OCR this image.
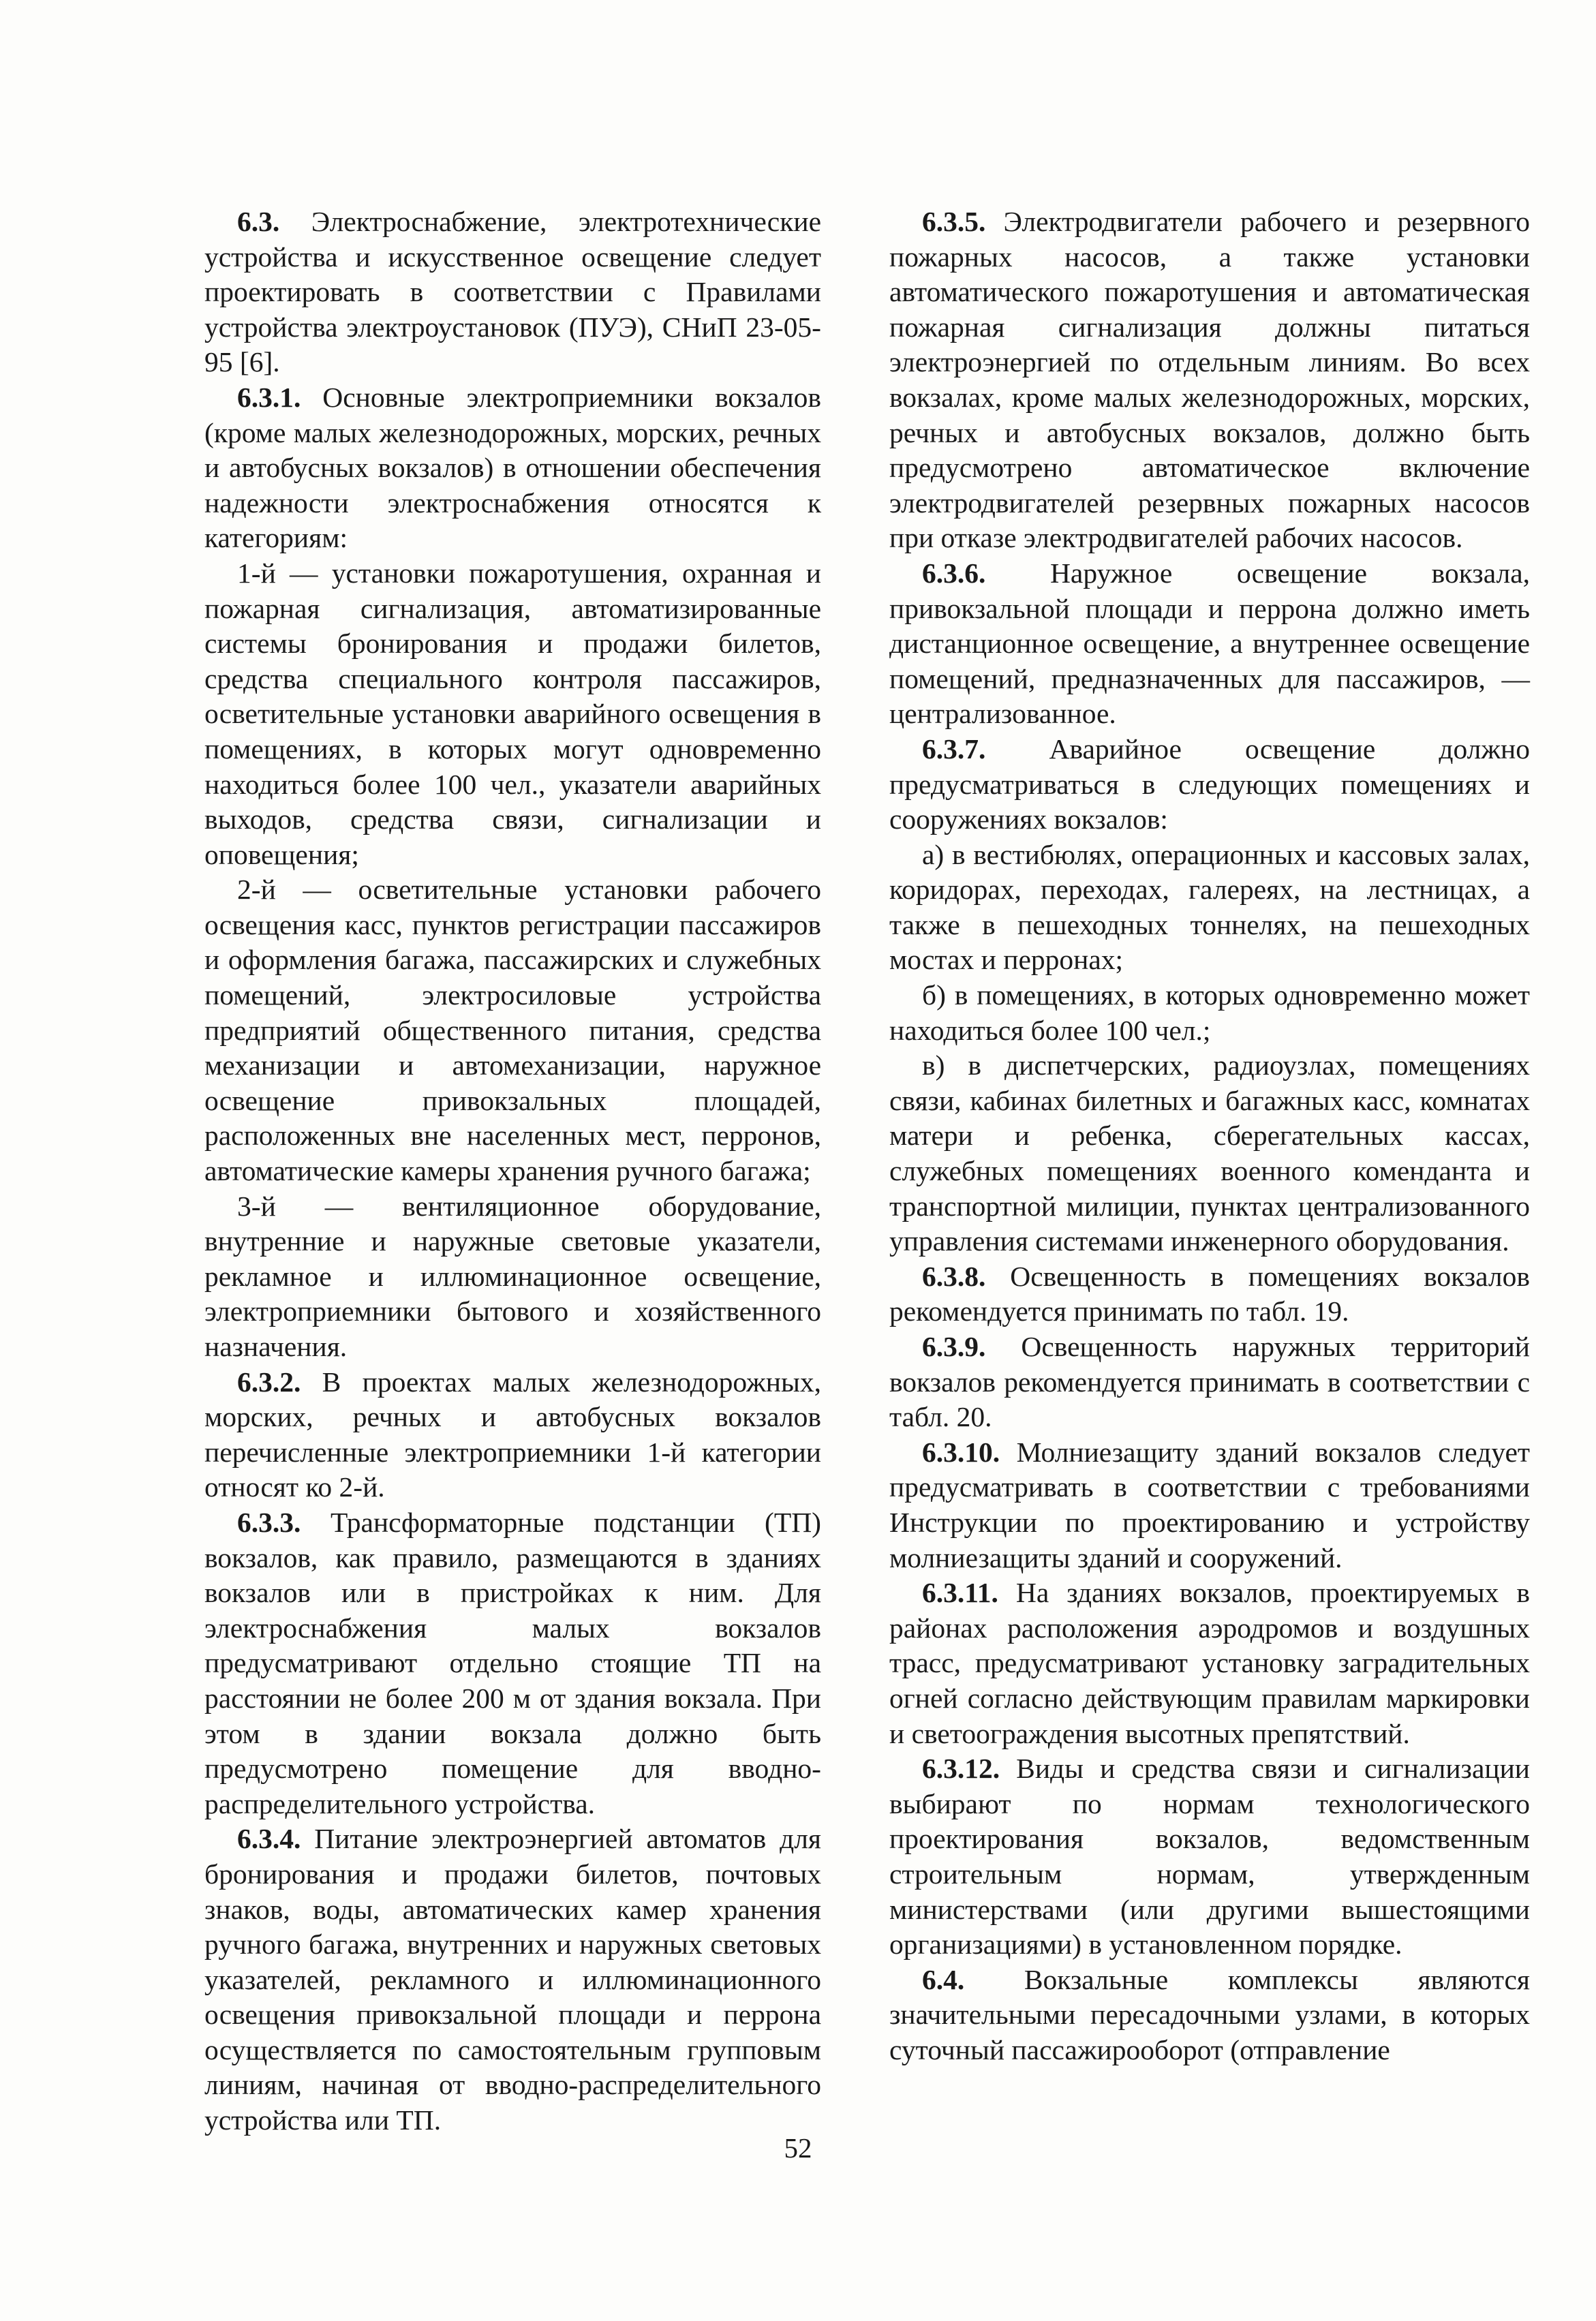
6.3. Электроснабжение, электротехнические устройства и искусственное освещение следует проектировать в соответствии с Правилами устройства электроустановок (ПУЭ), СНиП 23-05-95 [6].

6.3.1. Основные электроприемники вокзалов (кроме малых железнодорожных, морских, речных и автобусных вокзалов) в отношении обеспечения надежности электроснабжения относятся к категориям:

1-й — установки пожаротушения, охранная и пожарная сигнализация, автоматизированные системы бронирования и продажи билетов, средства специального контроля пассажиров, осветительные установки аварийного освещения в помещениях, в которых могут одновременно находиться более 100 чел., указатели аварийных выходов, средства связи, сигнализации и оповещения;

2-й — осветительные установки рабочего освещения касс, пунктов регистрации пассажиров и оформления багажа, пассажирских и служебных помещений, электросиловые устройства предприятий общественного питания, средства механизации и автомеханизации, наружное освещение привокзальных площадей, расположенных вне населенных мест, перронов, автоматические камеры хранения ручного багажа;

3-й — вентиляционное оборудование, внутренние и наружные световые указатели, рекламное и иллюминационное освещение, электроприемники бытового и хозяйственного назначения.

6.3.2. В проектах малых железнодорожных, морских, речных и автобусных вокзалов перечисленные электроприемники 1-й категории относят ко 2-й.

6.3.3. Трансформаторные подстанции (ТП) вокзалов, как правило, размещаются в зданиях вокзалов или в пристройках к ним. Для электроснабжения малых вокзалов предусматривают отдельно стоящие ТП на расстоянии не более 200 м от здания вокзала. При этом в здании вокзала должно быть предусмотрено помещение для вводно-распределительного устройства.

6.3.4. Питание электроэнергией автоматов для бронирования и продажи билетов, почтовых знаков, воды, автоматических камер хранения ручного багажа, внутренних и наружных световых указателей, рекламного и иллюминационного освещения привокзальной площади и перрона осуществляется по самостоятельным групповым линиям, начиная от вводно-распределительного устройства или ТП.

6.3.5. Электродвигатели рабочего и резервного пожарных насосов, а также установки автоматического пожаротушения и автоматическая пожарная сигнализация должны питаться электроэнергией по отдельным линиям. Во всех вокзалах, кроме малых железнодорожных, морских, речных и автобусных вокзалов, должно быть предусмотрено автоматическое включение электродвигателей резервных пожарных насосов при отказе электродвигателей рабочих насосов.

6.3.6. Наружное освещение вокзала, привокзальной площади и перрона должно иметь дистанционное освещение, а внутреннее освещение помещений, предназначенных для пассажиров, — централизованное.

6.3.7. Аварийное освещение должно предусматриваться в следующих помещениях и сооружениях вокзалов:

а) в вестибюлях, операционных и кассовых залах, коридорах, переходах, галереях, на лестницах, а также в пешеходных тоннелях, на пешеходных мостах и перронах;

б) в помещениях, в которых одновременно может находиться более 100 чел.;

в) в диспетчерских, радиоузлах, помещениях связи, кабинах билетных и багажных касс, комнатах матери и ребенка, сберегательных кассах, служебных помещениях военного коменданта и транспортной милиции, пунктах централизованного управления системами инженерного оборудования.

6.3.8. Освещенность в помещениях вокзалов рекомендуется принимать по табл. 19.

6.3.9. Освещенность наружных территорий вокзалов рекомендуется принимать в соответствии с табл. 20.

6.3.10. Молниезащиту зданий вокзалов следует предусматривать в соответствии с требованиями Инструкции по проектированию и устройству молниезащиты зданий и сооружений.

6.3.11. На зданиях вокзалов, проектируемых в районах расположения аэродромов и воздушных трасс, предусматривают установку заградительных огней согласно действующим правилам маркировки и светоограждения высотных препятствий.

6.3.12. Виды и средства связи и сигнализации выбирают по нормам технологического проектирования вокзалов, ведомственным строительным нормам, утвержденным министерствами (или другими вышестоящими организациями) в установленном порядке.

6.4. Вокзальные комплексы являются значительными пересадочными узлами, в которых суточный пассажирооборот (отправление

52
